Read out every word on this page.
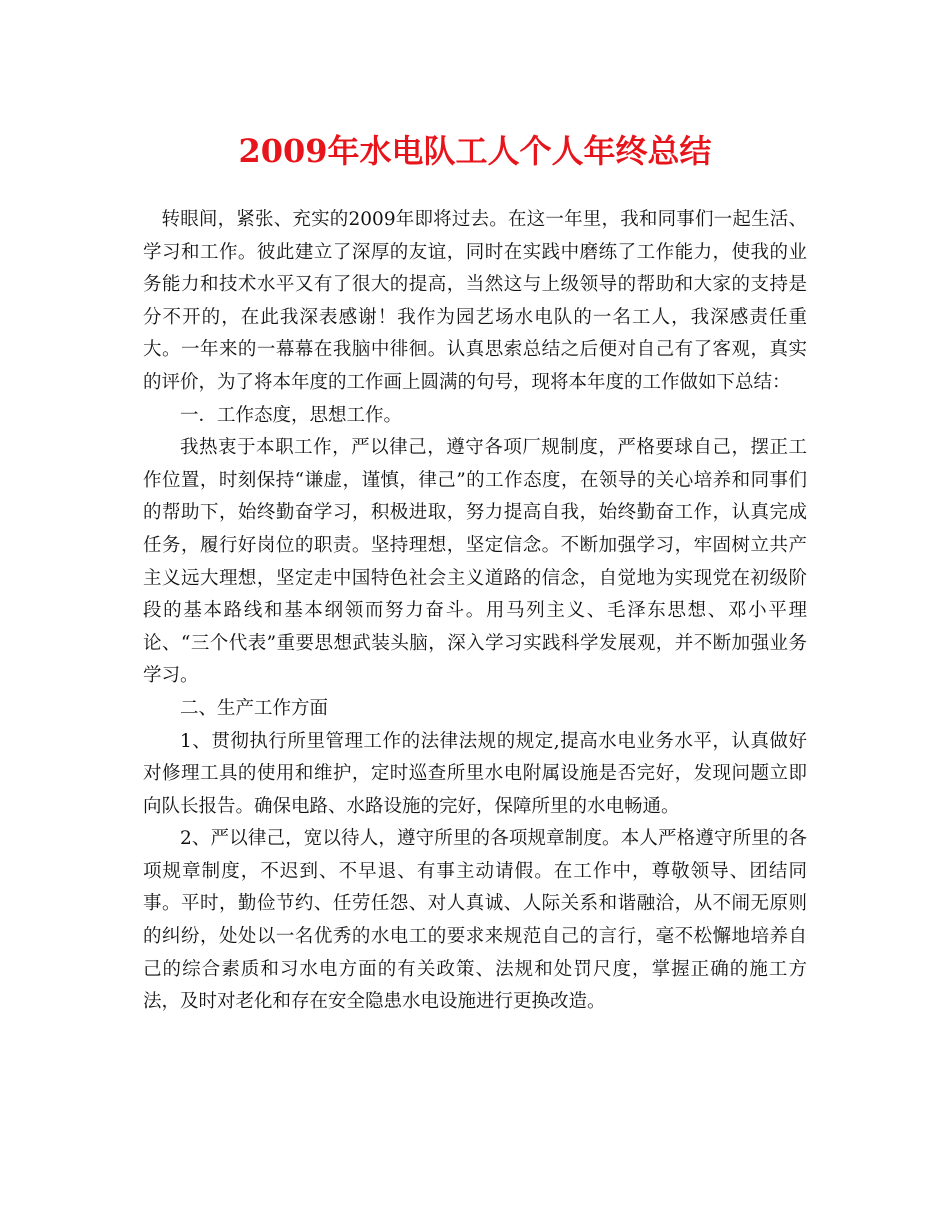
2009年水电队工人个人年终总结

转眼间，紧张、充实的2009年即将过去。在这一年里，我和同事们一起生活、学习和工作。彼此建立了深厚的友谊，同时在实践中磨练了工作能力，使我的业务能力和技术水平又有了很大的提高，当然这与上级领导的帮助和大家的支持是分不开的，在此我深表感谢！我作为园艺场水电队的一名工人，我深感责任重大。一年来的一幕幕在我脑中徘徊。认真思索总结之后便对自己有了客观，真实的评价，为了将本年度的工作画上圆满的句号，现将本年度的工作做如下总结：

一．工作态度，思想工作。

我热衷于本职工作，严以律己，遵守各项厂规制度，严格要球自己，摆正工作位置，时刻保持“谦虚，谨慎，律己”的工作态度，在领导的关心培养和同事们的帮助下，始终勤奋学习，积极进取，努力提高自我，始终勤奋工作，认真完成任务，履行好岗位的职责。坚持理想，坚定信念。不断加强学习，牢固树立共产主义远大理想，坚定走中国特色社会主义道路的信念，自觉地为实现党在初级阶段的基本路线和基本纲领而努力奋斗。用马列主义、毛泽东思想、邓小平理论、“三个代表”重要思想武装头脑，深入学习实践科学发展观，并不断加强业务学习。

二、生产工作方面

1、贯彻执行所里管理工作的法律法规的规定,提高水电业务水平，认真做好对修理工具的使用和维护，定时巡查所里水电附属设施是否完好，发现问题立即向队长报告。确保电路、水路设施的完好，保障所里的水电畅通。

2、严以律己，宽以待人，遵守所里的各项规章制度。本人严格遵守所里的各项规章制度，不迟到、不早退、有事主动请假。在工作中，尊敬领导、团结同事。平时，勤俭节约、任劳任怨、对人真诚、人际关系和谐融洽，从不闹无原则的纠纷，处处以一名优秀的水电工的要求来规范自己的言行，毫不松懈地培养自己的综合素质和习水电方面的有关政策、法规和处罚尺度，掌握正确的施工方法，及时对老化和存在安全隐患水电设施进行更换改造。
